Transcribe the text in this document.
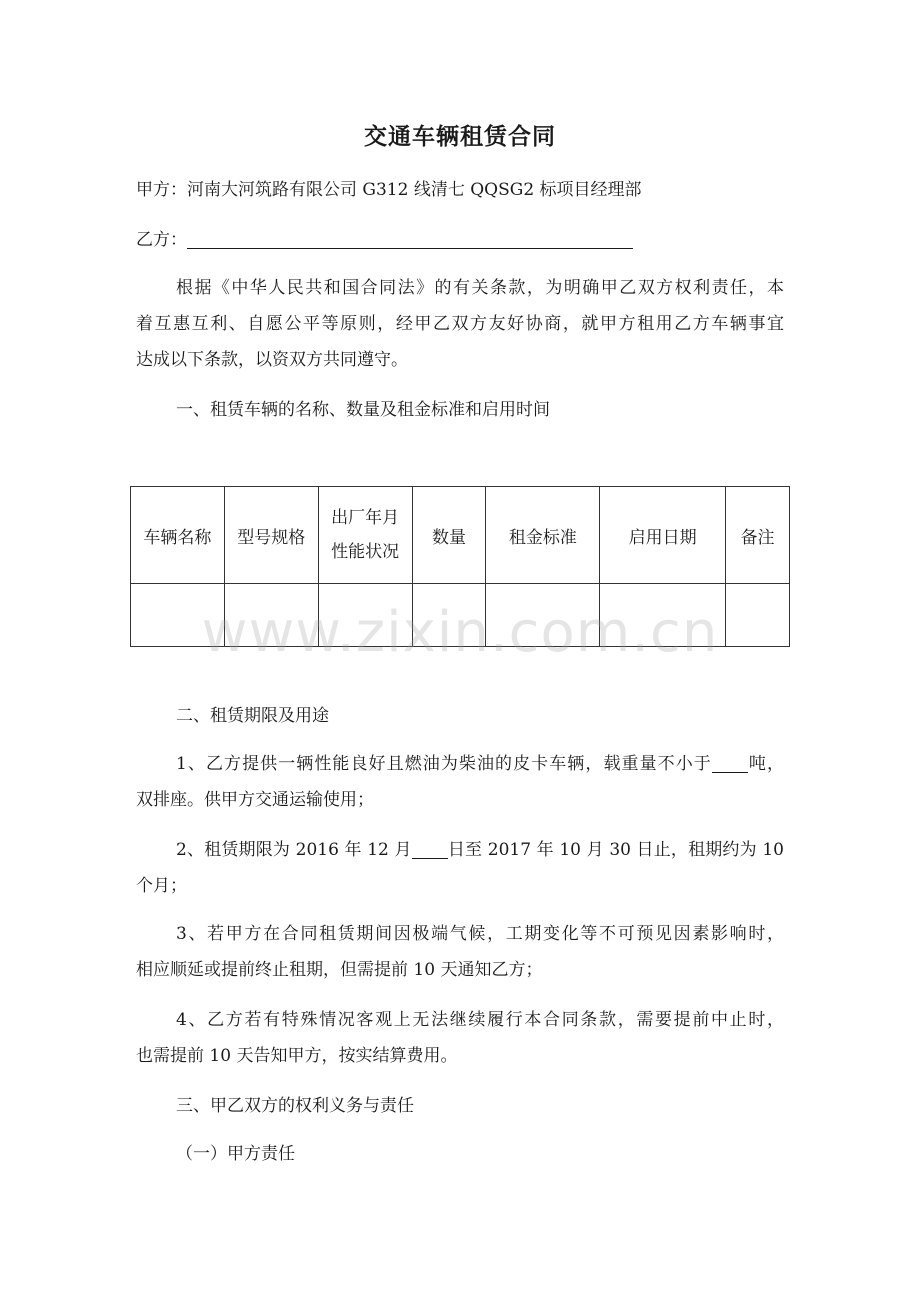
交通车辆租赁合同
甲方：河南大河筑路有限公司 G312 线清七 QQSG2 标项目经理部
乙方：
根据《中华人民共和国合同法》的有关条款，为明确甲乙双方权利责任，本
着互惠互利、自愿公平等原则，经甲乙双方友好协商，就甲方租用乙方车辆事宜
达成以下条款，以资双方共同遵守。
一、租赁车辆的名称、数量及租金标准和启用时间
车辆名称	型号规格	出厂年月
性能状况	数量	租金标准	启用日期	备注

二、租赁期限及用途
1、乙方提供一辆性能良好且燃油为柴油的皮卡车辆，载重量不小于 吨，
双排座。供甲方交通运输使用；
2、租赁期限为 2016 年 12 月 日至 2017 年 10 月 30 日止，租期约为 10
个月；
3、若甲方在合同租赁期间因极端气候，工期变化等不可预见因素影响时，
相应顺延或提前终止租期，但需提前 10 天通知乙方；
4、乙方若有特殊情况客观上无法继续履行本合同条款，需要提前中止时，
也需提前 10 天告知甲方，按实结算费用。
三、甲乙双方的权利义务与责任
（一）甲方责任
www.zixin.com.cn
